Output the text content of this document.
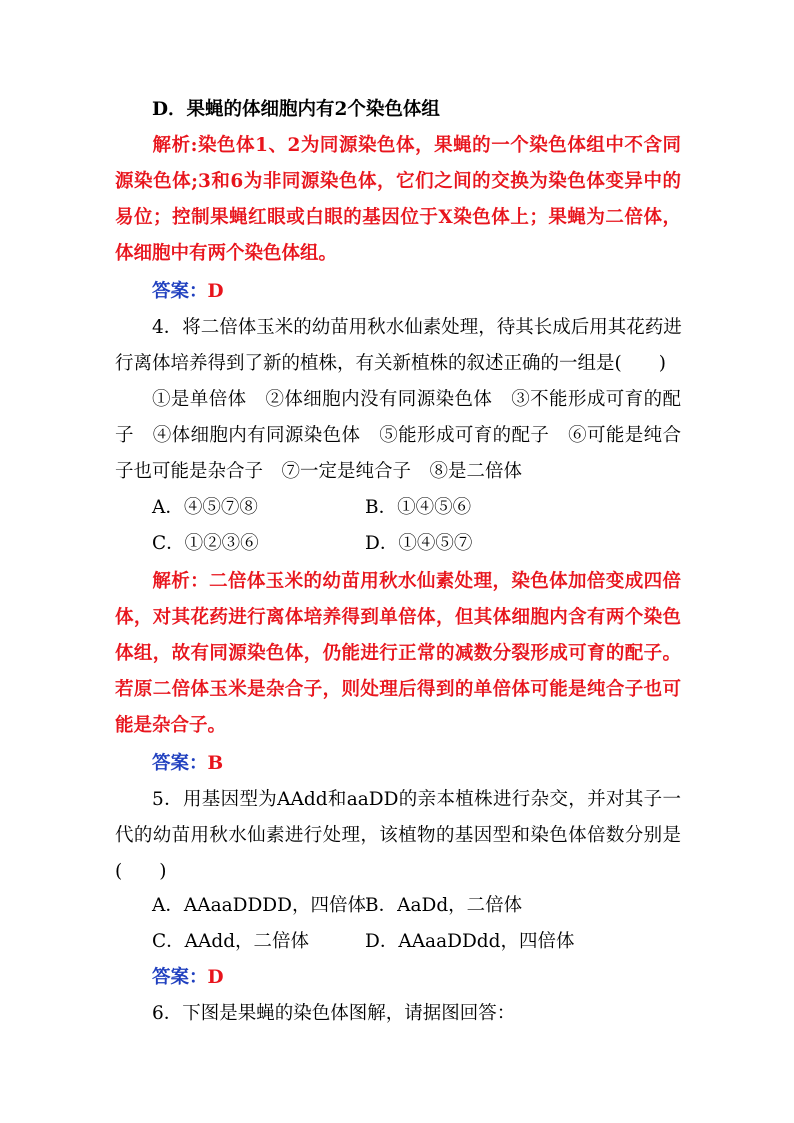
D．果蝇的体细胞内有2个染色体组
解析:染色体1、2为同源染色体，果蝇的一个染色体组中不含同
源染色体;3和6为非同源染色体，它们之间的交换为染色体变异中的
易位；控制果蝇红眼或白眼的基因位于X染色体上；果蝇为二倍体，
体细胞中有两个染色体组。
答案：D
4．将二倍体玉米的幼苗用秋水仙素处理，待其长成后用其花药进
行离体培养得到了新的植株，有关新植株的叙述正确的一组是(　　)
①是单倍体　②体细胞内没有同源染色体　③不能形成可育的配
子　④体细胞内有同源染色体　⑤能形成可育的配子　⑥可能是纯合
子也可能是杂合子　⑦一定是纯合子　⑧是二倍体
A．④⑤⑦⑧	B．①④⑤⑥
C．①②③⑥	D．①④⑤⑦
解析：二倍体玉米的幼苗用秋水仙素处理，染色体加倍变成四倍
体，对其花药进行离体培养得到单倍体，但其体细胞内含有两个染色
体组，故有同源染色体，仍能进行正常的减数分裂形成可育的配子。
若原二倍体玉米是杂合子，则处理后得到的单倍体可能是纯合子也可
能是杂合子。
答案：B
5．用基因型为AAdd和aaDD的亲本植株进行杂交，并对其子一
代的幼苗用秋水仙素进行处理，该植物的基因型和染色体倍数分别是
(　　)
A．AAaaDDDD，四倍体 B．AaDd，二倍体
C．AAdd，二倍体	D．AAaaDDdd，四倍体
答案：D
6．下图是果蝇的染色体图解，请据图回答：
